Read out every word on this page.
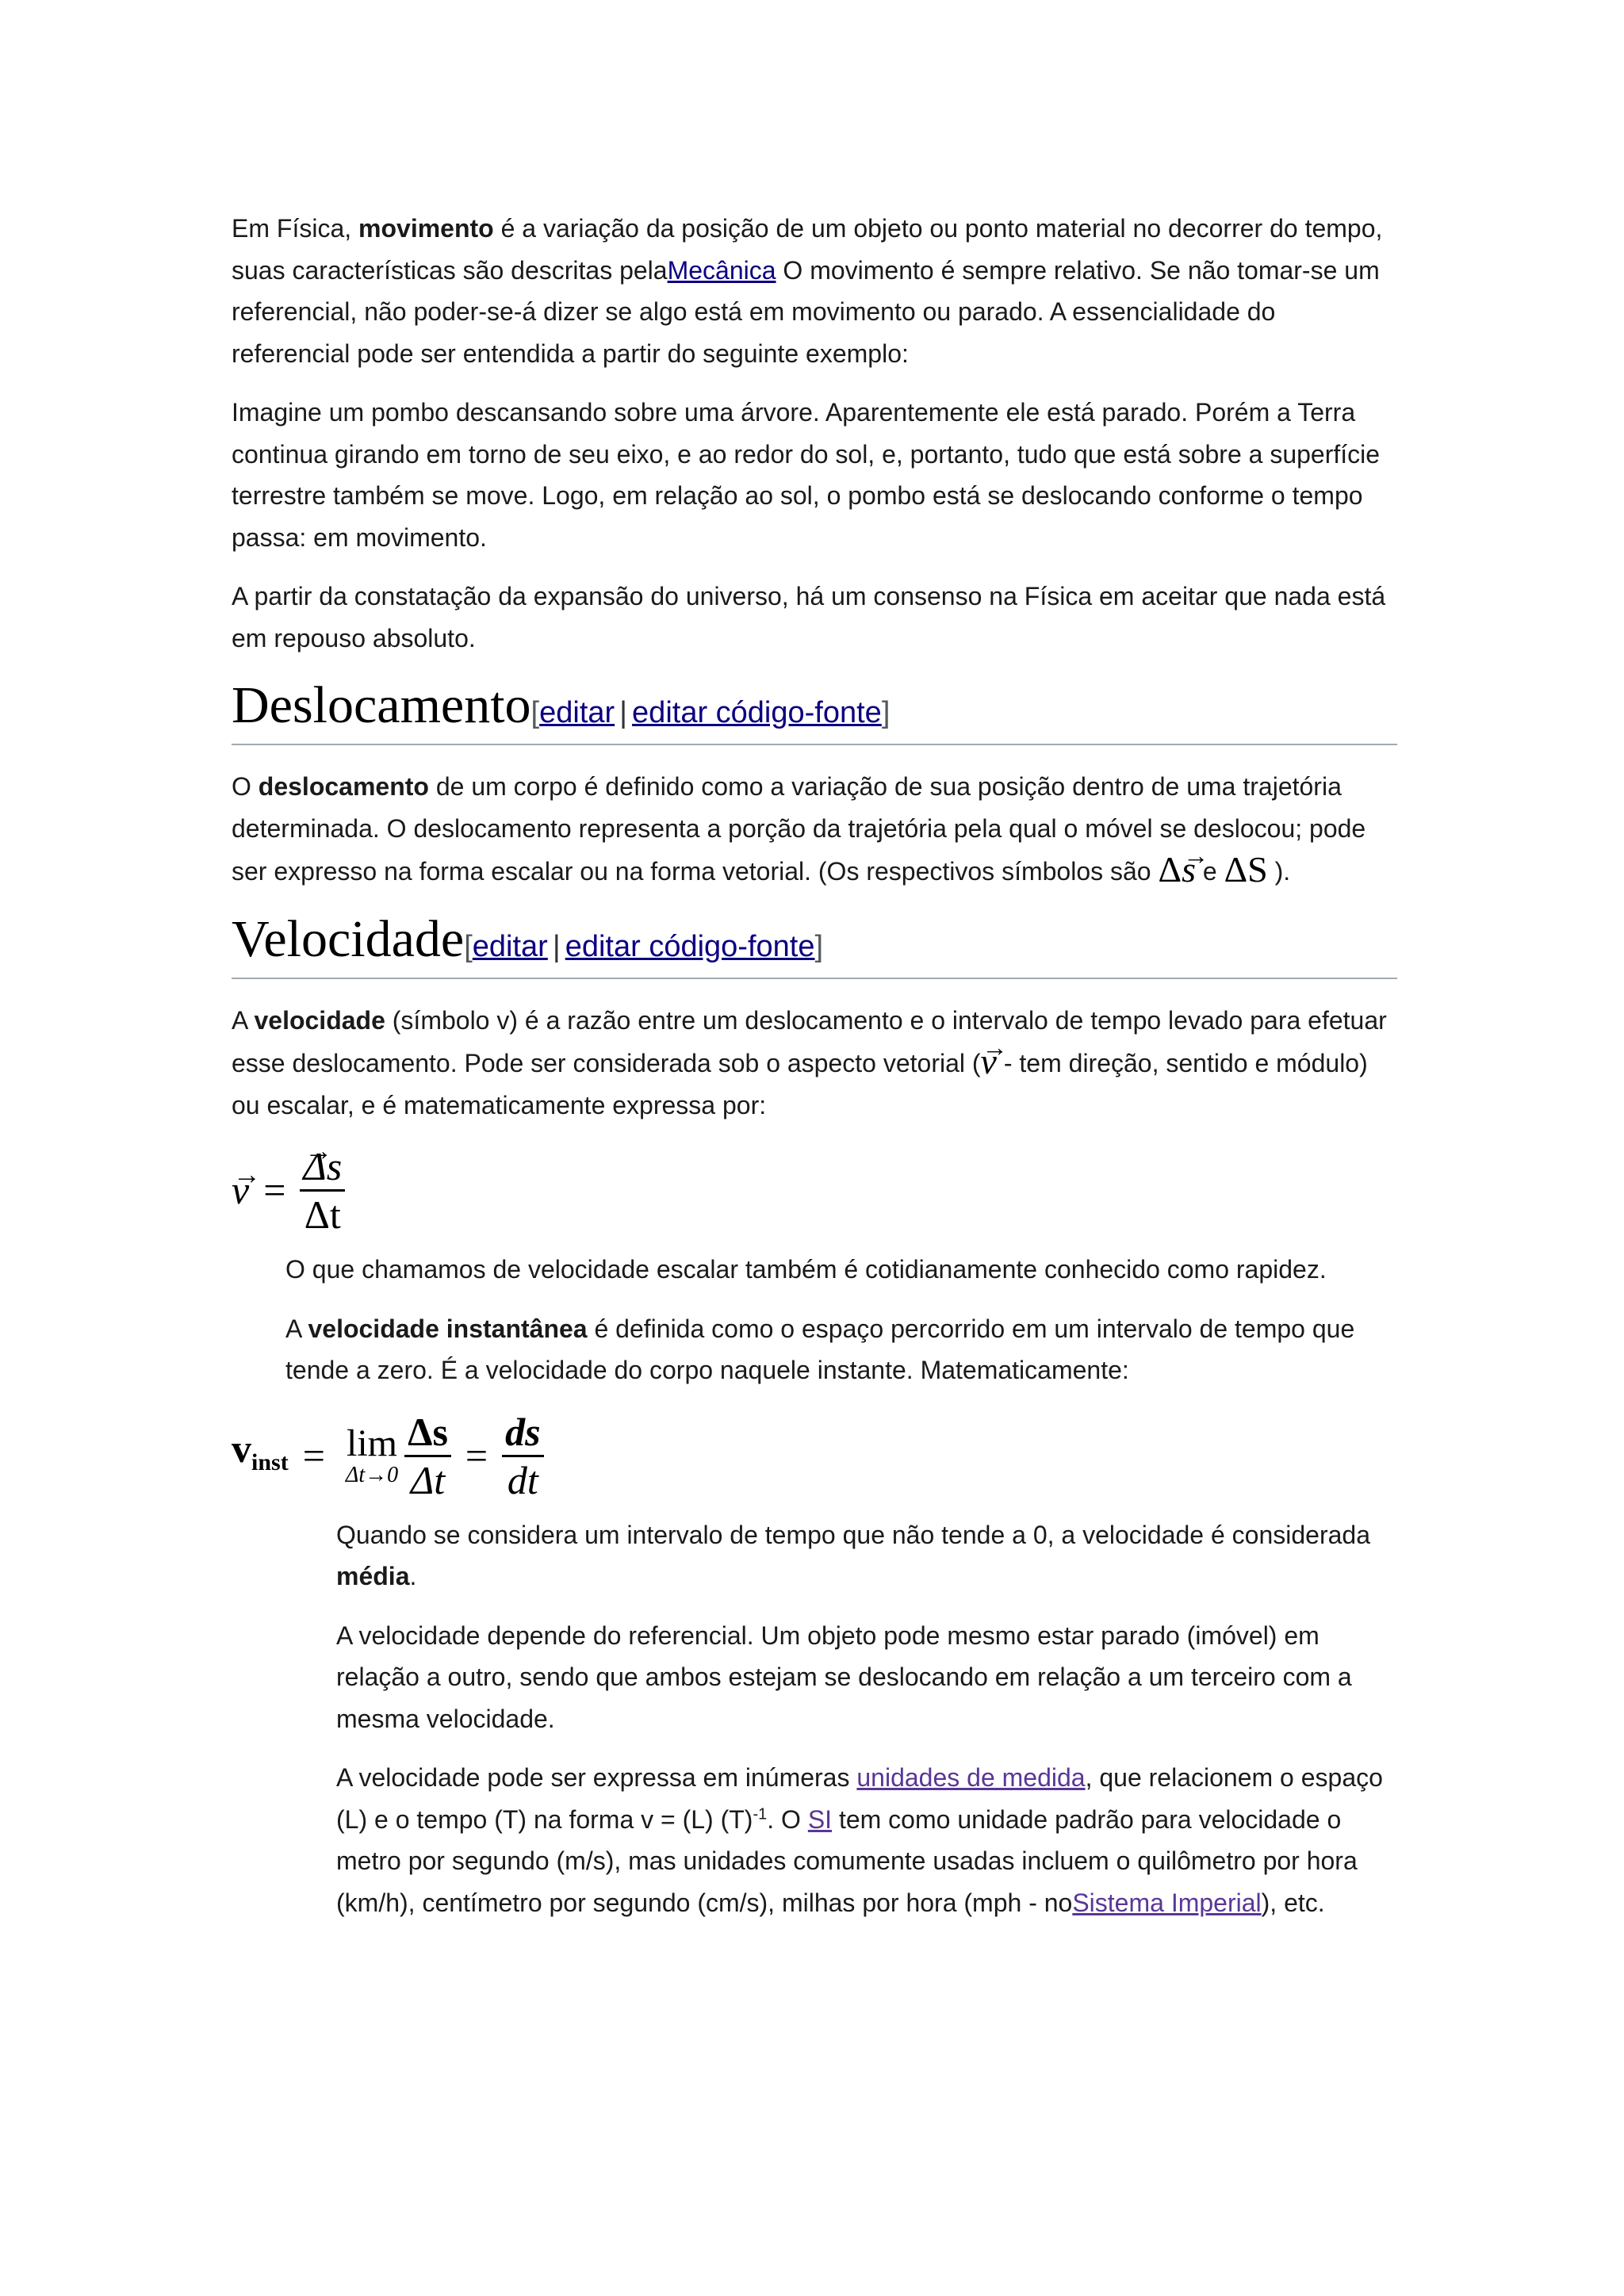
Em Física, movimento é a variação da posição de um objeto ou ponto material no decorrer do tempo, suas características são descritas pelaMecânica O movimento é sempre relativo. Se não tomar-se um referencial, não poder-se-á dizer se algo está em movimento ou parado. A essencialidade do referencial pode ser entendida a partir do seguinte exemplo:

Imagine um pombo descansando sobre uma árvore. Aparentemente ele está parado. Porém a Terra continua girando em torno de seu eixo, e ao redor do sol, e, portanto, tudo que está sobre a superfície terrestre também se move. Logo, em relação ao sol, o pombo está se deslocando conforme o tempo passa: em movimento.

A partir da constatação da expansão do universo, há um consenso na Física em aceitar que nada está em repouso absoluto.

Deslocamento[editar | editar código-fonte]

O deslocamento de um corpo é definido como a variação de sua posição dentro de uma trajetória determinada. O deslocamento representa a porção da trajetória pela qual o móvel se deslocou; pode ser expresso na forma escalar ou na forma vetorial. (Os respectivos símbolos são Δs → e ΔS ).

Velocidade[editar | editar código-fonte]

A velocidade (símbolo v) é a razão entre um deslocamento e o intervalo de tempo levado para efetuar esse deslocamento. Pode ser considerada sob o aspecto vetorial (v → - tem direção, sentido e módulo) ou escalar, e é matematicamente expressa por:

v → = $\frac{\Delta s \to}{\Delta t}$

O que chamamos de velocidade escalar também é cotidianamente conhecido como rapidez.

A velocidade instantânea é definida como o espaço percorrido em um intervalo de tempo que tende a zero. É a velocidade do corpo naquele instante. Matematicamente:

$v_{inst} = \lim$
$\Delta t\to 0 \frac{\Delta s}{\Delta t} = \frac{ds}{dt}$

Quando se considera um intervalo de tempo que não tende a 0, a velocidade é considerada média.

A velocidade depende do referencial. Um objeto pode mesmo estar parado (imóvel) em relação a outro, sendo que ambos estejam se deslocando em relação a um terceiro com a mesma velocidade.

A velocidade pode ser expressa em inúmeras unidades de medida, que relacionem o espaço (L) e o tempo (T) na forma v = (L) $(T)^{-1}$. O SI tem como unidade padrão para velocidade o metro por segundo (m/s), mas unidades comumente usadas incluem o quilômetro por hora (km/h), centímetro por segundo (cm/s), milhas por hora (mph - noSistema Imperial), etc.
